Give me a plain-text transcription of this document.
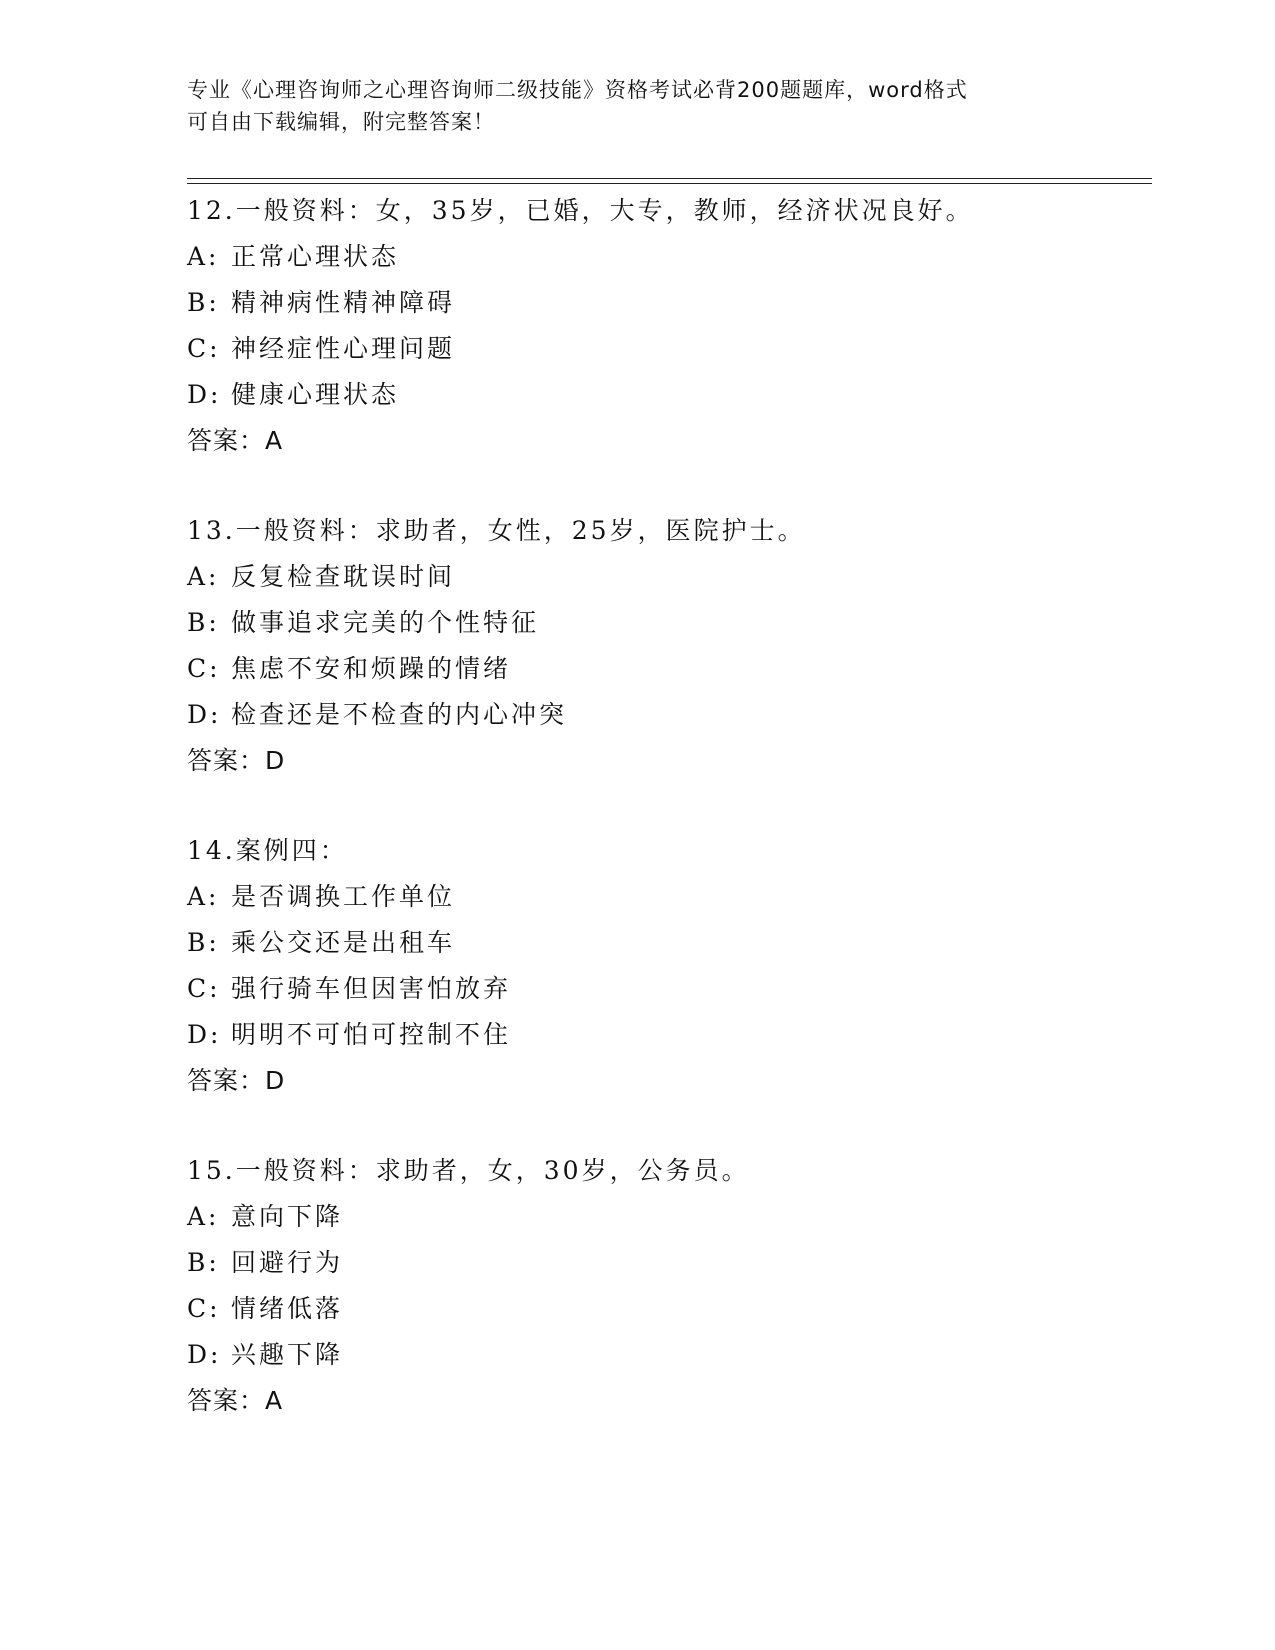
专业《心理咨询师之心理咨询师二级技能》资格考试必背200题题库，word格式
可自由下载编辑，附完整答案！
12.一般资料：女，35岁，已婚，大专，教师，经济状况良好。
A: 正常心理状态
B: 精神病性精神障碍
C: 神经症性心理问题
D: 健康心理状态
答案：A
13.一般资料：求助者，女性，25岁，医院护士。
A: 反复检查耽误时间
B: 做事追求完美的个性特征
C: 焦虑不安和烦躁的情绪
D: 检查还是不检查的内心冲突
答案：D
14.案例四：
A: 是否调换工作单位
B: 乘公交还是出租车
C: 强行骑车但因害怕放弃
D: 明明不可怕可控制不住
答案：D
15.一般资料：求助者，女，30岁，公务员。
A: 意向下降
B: 回避行为
C: 情绪低落
D: 兴趣下降
答案：A
